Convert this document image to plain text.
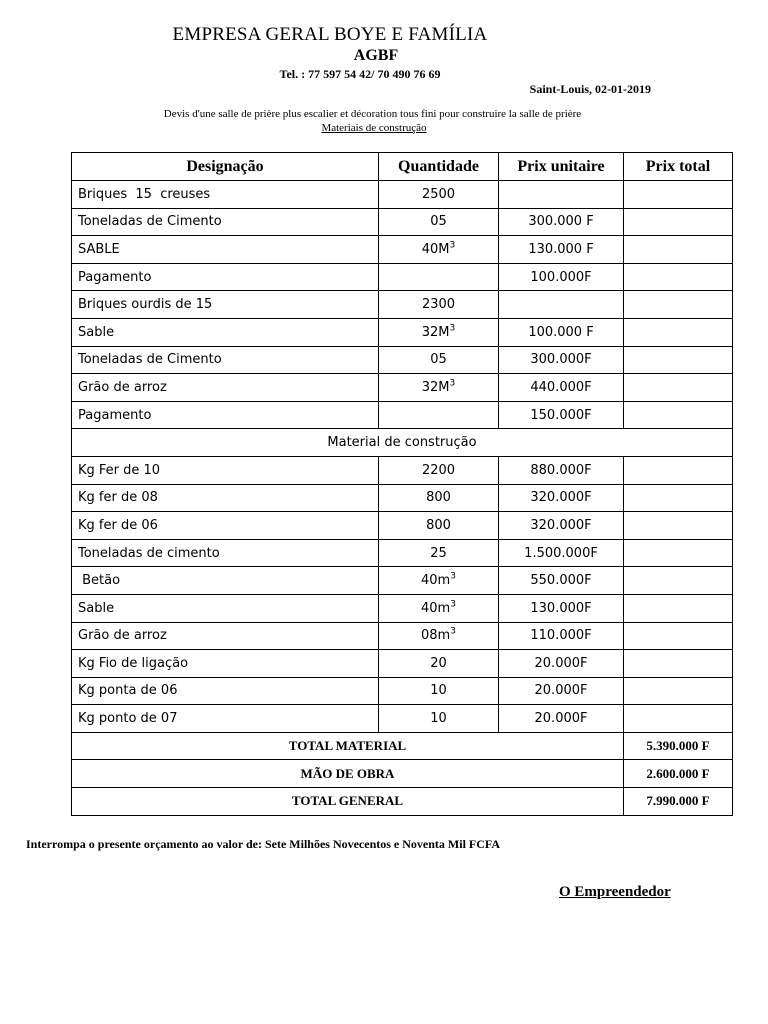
EMPRESA GERAL BOYE E FAMÍLIA
AGBF
Tel. : 77 597 54 42/ 70 490 76 69
Saint-Louis, 02-01-2019
Devis d'une salle de prière plus escalier et décoration tous fini pour construire la salle de prière
Materiais de construção
Designação	Quantidade	Prix unitaire	Prix total
Briques  15  creuses	2500		
Toneladas de Cimento	05	300.000 F	
SABLE	$40M^3$	130.000 F	
Pagamento		100.000F	
Briques ourdis de 15	2300		
Sable	$32M^3$	100.000 F	
Toneladas de Cimento	05	300.000F	
Grão de arroz	$32M^3$	440.000F	
Pagamento		150.000F	
Material de construção			
Kg Fer de 10	2200	880.000F	
Kg fer de 08	800	320.000F	
Kg fer de 06	800	320.000F	
Toneladas de cimento	25	1.500.000F	
Betão	$40m^3$	550.000F	
Sable	$40m^3$	130.000F	
Grão de arroz	$08m^3$	110.000F	
Kg Fio de ligação	20	20.000F	
Kg ponta de 06	10	20.000F	
Kg ponto de 07	10	20.000F	
TOTAL MATERIAL			5.390.000 F
MÃO DE OBRA			2.600.000 F
TOTAL GENERAL			7.990.000 F
Interrompa o presente orçamento ao valor de: Sete Milhões Novecentos e Noventa Mil FCFA
O Empreendedor
